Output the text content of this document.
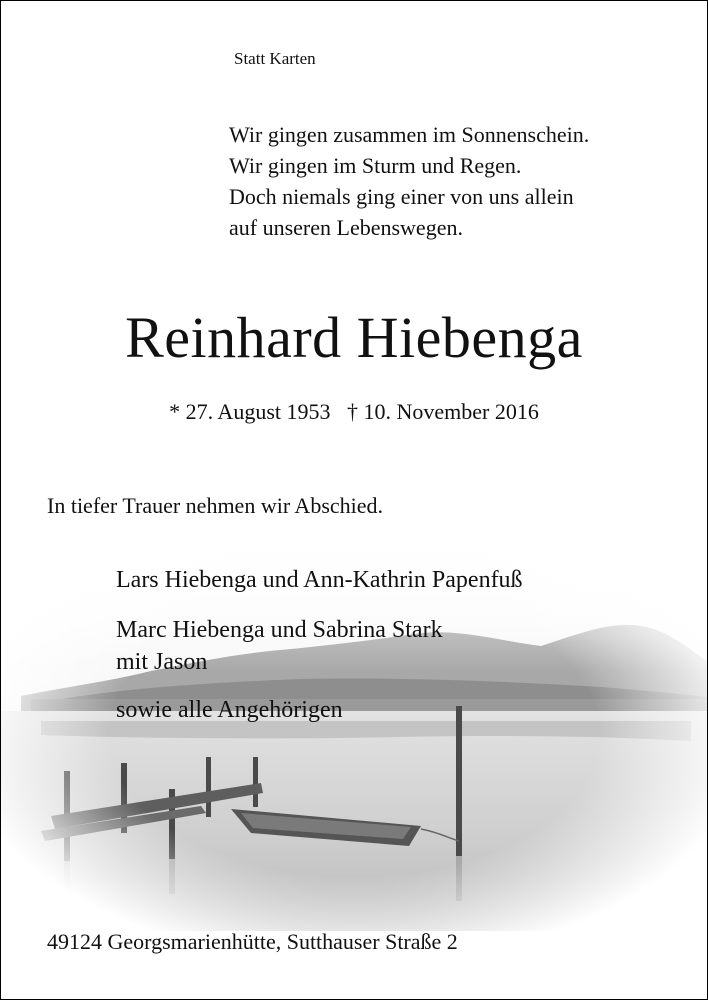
Statt Karten
Wir gingen zusammen im Sonnenschein.
Wir gingen im Sturm und Regen.
Doch niemals ging einer von uns allein
auf unseren Lebenswegen.
Reinhard Hiebenga
* 27. August 1953 † 10. November 2016
In tiefer Trauer nehmen wir Abschied.
Lars Hiebenga und Ann-Kathrin Papenfuß
Marc Hiebenga und Sabrina Stark
mit Jason
sowie alle Angehörigen
49124 Georgsmarienhütte, Sutthauser Straße 2
